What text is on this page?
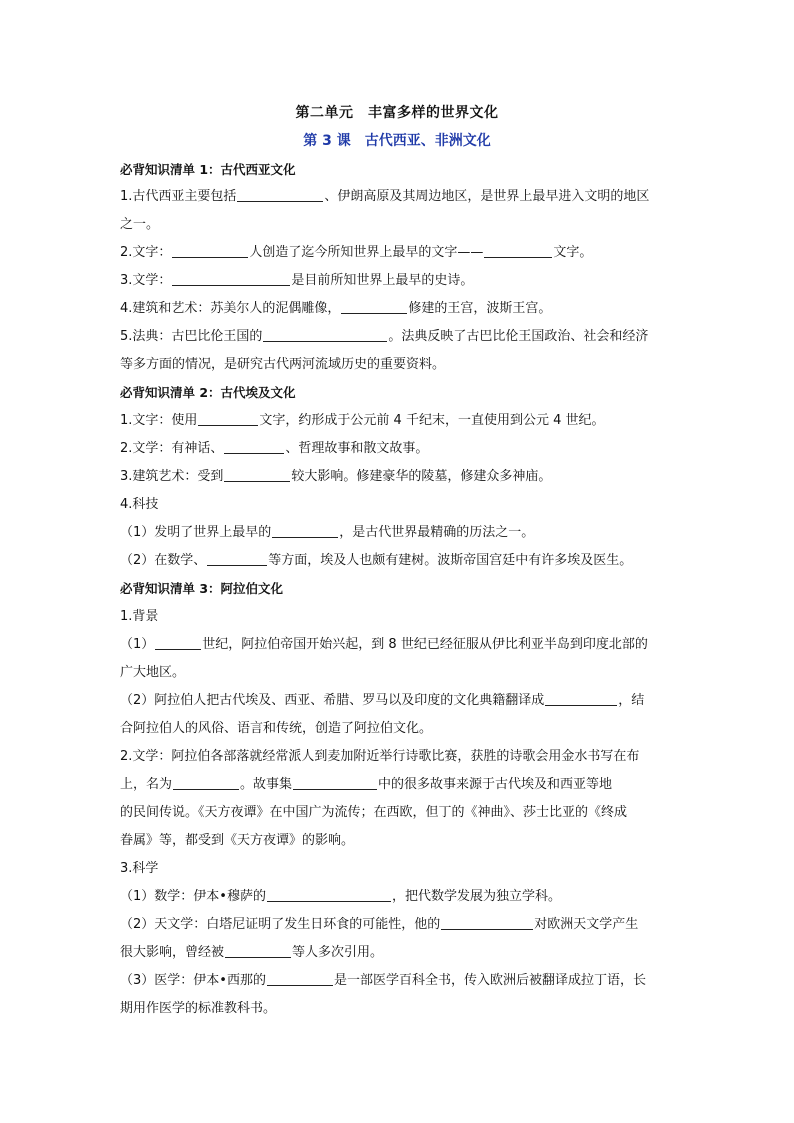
第二单元　丰富多样的世界文化
第 3 课　古代西亚、非洲文化
必背知识清单 1：古代西亚文化
1.古代西亚主要包括	、伊朗高原及其周边地区，是世界上最早进入文明的地区
之一。
2.文字：	人创造了迄今所知世界上最早的文字——	文字。
3.文学：	是目前所知世界上最早的史诗。
4.建筑和艺术：苏美尔人的泥偶雕像，	修建的王宫，波斯王宫。
5.法典：古巴比伦王国的	。法典反映了古巴比伦王国政治、社会和经济
等多方面的情况，是研究古代两河流域历史的重要资料。
必背知识清单 2：古代埃及文化
1.文字：使用	文字，约形成于公元前 4 千纪末，一直使用到公元 4 世纪。
2.文学：有神话、	、哲理故事和散文故事。
3.建筑艺术：受到	较大影响。修建豪华的陵墓，修建众多神庙。
4.科技
（1）发明了世界上最早的	，是古代世界最精确的历法之一。
（2）在数学、	等方面，埃及人也颇有建树。波斯帝国宫廷中有许多埃及医生。
必背知识清单 3：阿拉伯文化
1.背景
（1）	世纪，阿拉伯帝国开始兴起，到 8 世纪已经征服从伊比利亚半岛到印度北部的
广大地区。
（2）阿拉伯人把古代埃及、西亚、希腊、罗马以及印度的文化典籍翻译成	，结
合阿拉伯人的风俗、语言和传统，创造了阿拉伯文化。
2.文学：阿拉伯各部落就经常派人到麦加附近举行诗歌比赛，获胜的诗歌会用金水书写在布
上，名为	。故事集	中的很多故事来源于古代埃及和西亚等地
的民间传说。《天方夜谭》在中国广为流传；在西欧，但丁的《神曲》、莎士比亚的《终成
眷属》等，都受到《天方夜谭》的影响。
3.科学
（1）数学：伊本•穆萨的	，把代数学发展为独立学科。
（2）天文学：白塔尼证明了发生日环食的可能性，他的	对欧洲天文学产生
很大影响，曾经被	等人多次引用。
（3）医学：伊本•西那的	是一部医学百科全书，传入欧洲后被翻译成拉丁语，长
期用作医学的标准教科书。
